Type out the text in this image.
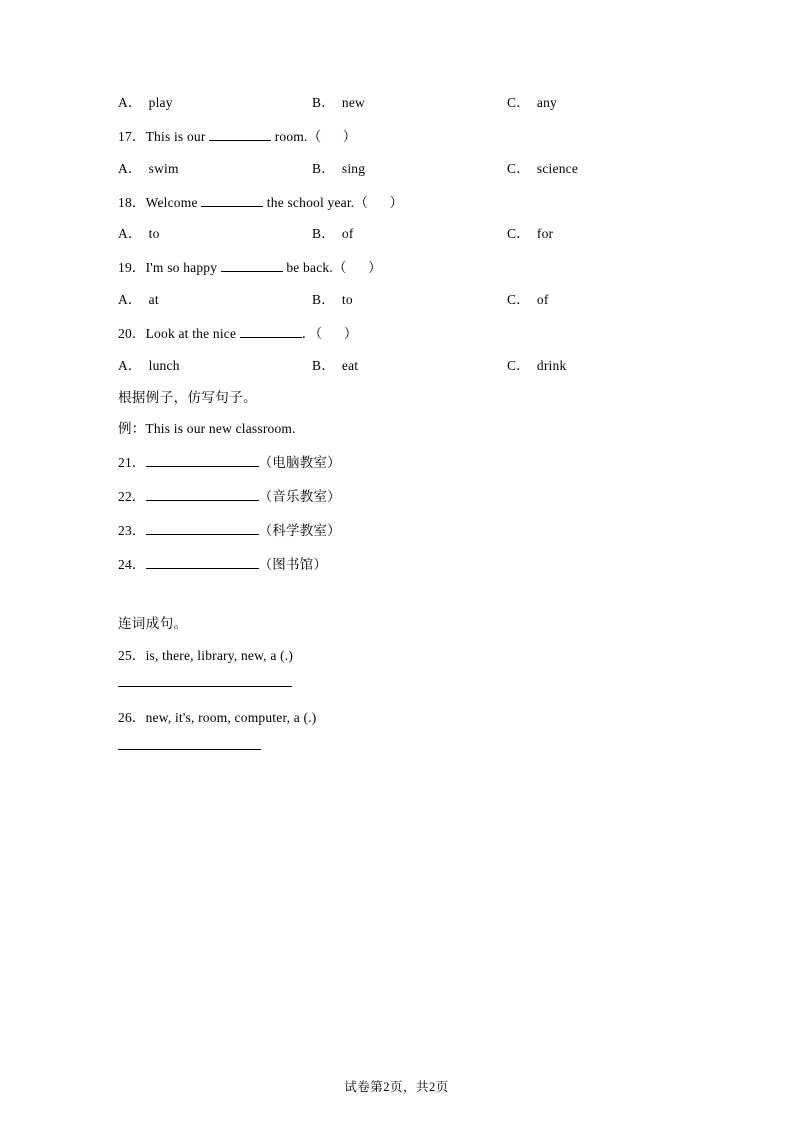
A． play	B． new	C． any
17．This is our	room.（      ）
A． swim	B． sing	C． science
18．Welcome	the school year.（      ）
A． to	B． of	C． for
19．I'm so happy	be back.（      ）
A． at	B． to	C． of
20．Look at the nice	．（      ）
A． lunch	B． eat	C． drink
根据例子，仿写句子。
例：This is our new classroom.
21．	（电脑教室）
22．	（音乐教室）
23．	（科学教室）
24．	（图书馆）
连词成句。
25．is, there, library, new, a (.)
26．new, it's, room, computer, a (.)
试卷第2页，共2页
